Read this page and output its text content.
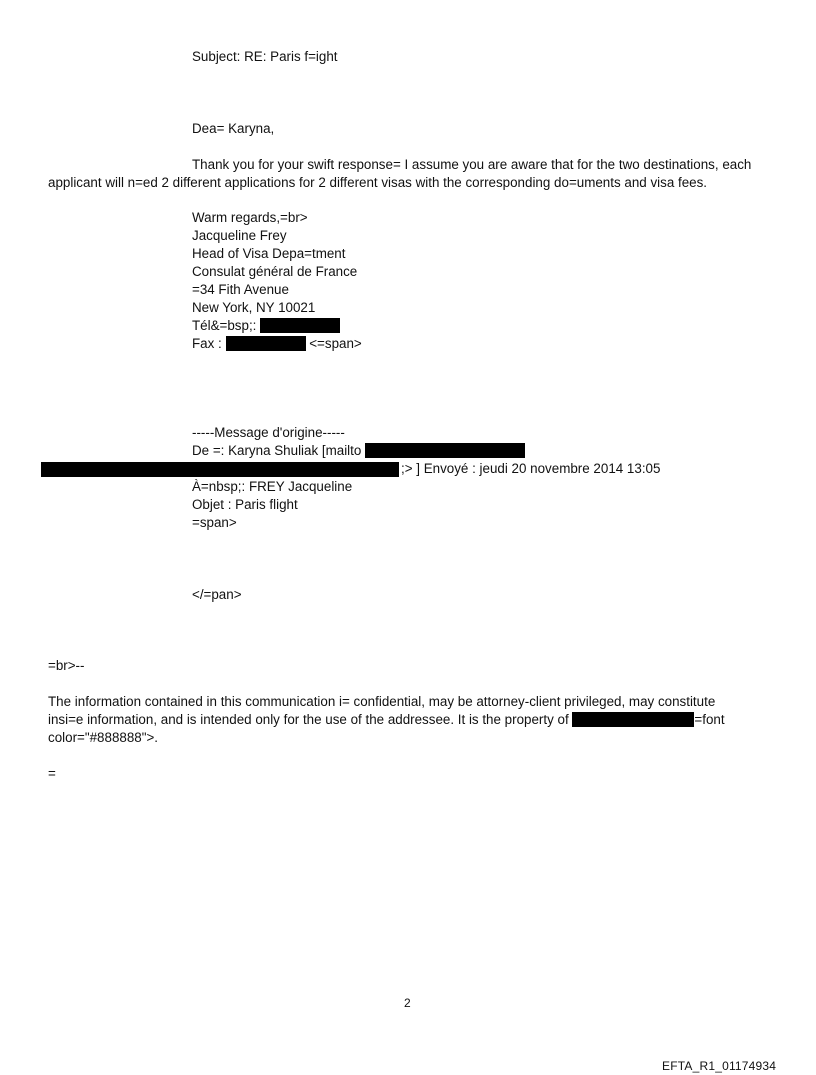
Subject: RE: Paris f=ight
Dea= Karyna,
Thank you for your swift response= I assume you are aware that for the two destinations, each
applicant will n=ed 2 different applications for 2 different visas with the corresponding do=uments and visa fees.
Warm regards,=br>
Jacqueline Frey
Head of Visa Depa=tment
Consulat général de France
=34 Fith Avenue
New York, NY 10021
Tél&=bsp;:
Fax :	<=span>
-----Message d'origine-----
De =: Karyna Shuliak [mailto
;> ] Envoyé : jeudi 20 novembre 2014 13:05
À=nbsp;: FREY Jacqueline
Objet : Paris flight
=span>
</=pan>
=br>--
The information contained in this communication i= confidential, may be attorney-client privileged, may constitute
insi=e information, and is intended only for the use of the addressee. It is the property of	=font
color="#888888">.
=
2
EFTA_R1_01174934
